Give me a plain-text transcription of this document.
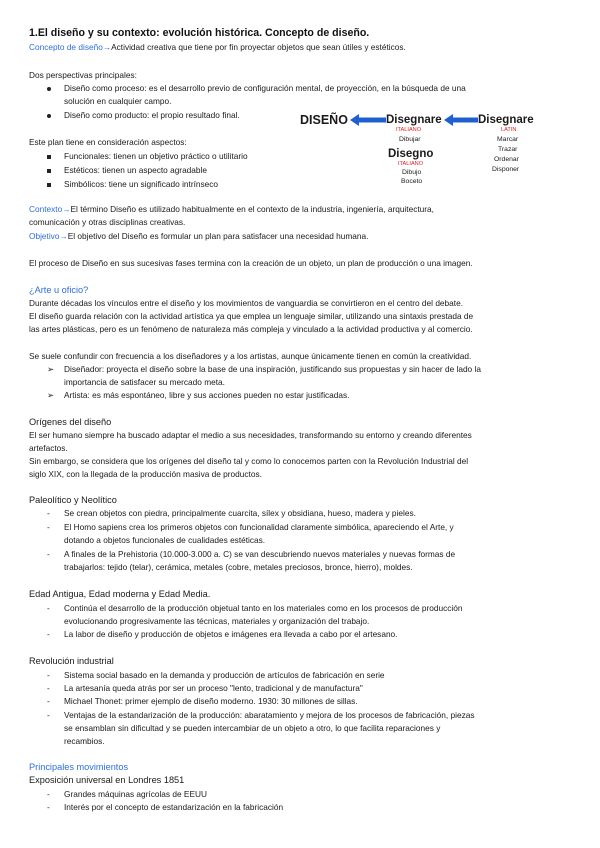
1.El diseño y su contexto: evolución histórica. Concepto de diseño.
Concepto de diseño→Actividad creativa que tiene por fin proyectar objetos que sean útiles y estéticos.
Dos perspectivas principales:
Diseño como proceso: es el desarrollo previo de configuración mental, de proyección, en la búsqueda de una
solución en cualquier campo.
Diseño como producto: el propio resultado final.
Este plan tiene en consideración aspectos:
Funcionales: tienen un objetivo práctico o utilitario
Estéticos: tienen un aspecto agradable
Simbólicos: tiene un significado intrínseco
DISEÑO	Disegnare
ITALIANO
Dibujar
Disegno
ITALIANO
Dibujo
Boceto
Disegnare
LATIN
Marcar
Trazar
Ordenar
Disponer
Contexto→El término Diseño es utilizado habitualmente en el contexto de la industria, ingeniería, arquitectura,
comunicación y otras disciplinas creativas.
Objetivo→El objetivo del Diseño es formular un plan para satisfacer una necesidad humana.
El proceso de Diseño en sus sucesivas fases termina con la creación de un objeto, un plan de producción o una imagen.
¿Arte u oficio?
Durante décadas los vínculos entre el diseño y los movimientos de vanguardia se convirtieron en el centro del debate.
El diseño guarda relación con la actividad artística ya que emplea un lenguaje similar, utilizando una sintaxis prestada de
las artes plásticas, pero es un fenómeno de naturaleza más compleja y vinculado a la actividad productiva y al comercio.
Se suele confundir con frecuencia a los diseñadores y a los artistas, aunque únicamente tienen en común la creatividad.
➢ Diseñador: proyecta el diseño sobre la base de una inspiración, justificando sus propuestas y sin hacer de lado la
importancia de satisfacer su mercado meta.
➢ Artista: es más espontáneo, libre y sus acciones pueden no estar justificadas.
Orígenes del diseño
El ser humano siempre ha buscado adaptar el medio a sus necesidades, transformando su entorno y creando diferentes
artefactos.
Sin embargo, se considera que los orígenes del diseño tal y como lo conocemos parten con la Revolución Industrial del
siglo XIX, con la llegada de la producción masiva de productos.
Paleolítico y Neolítico
- Se crean objetos con piedra, principalmente cuarcita, sílex y obsidiana, hueso, madera y pieles.
- El Homo sapiens crea los primeros objetos con funcionalidad claramente simbólica, apareciendo el Arte, y
dotando a objetos funcionales de cualidades estéticas.
- A finales de la Prehistoria (10.000-3.000 a. C) se van descubriendo nuevos materiales y nuevas formas de
trabajarlos: tejido (telar), cerámica, metales (cobre, metales preciosos, bronce, hierro), moldes.
Edad Antigua, Edad moderna y Edad Media.
- Continúa el desarrollo de la producción objetual tanto en los materiales como en los procesos de producción
evolucionando progresivamente las técnicas, materiales y organización del trabajo.
- La labor de diseño y producción de objetos e imágenes era llevada a cabo por el artesano.
Revolución industrial
- Sistema social basado en la demanda y producción de artículos de fabricación en serie
- La artesanía queda atrás por ser un proceso "lento, tradicional y de manufactura"
- Michael Thonet: primer ejemplo de diseño moderno. 1930: 30 millones de sillas.
- Ventajas de la estandarización de la producción: abaratamiento y mejora de los procesos de fabricación, piezas
se ensamblan sin dificultad y se pueden intercambiar de un objeto a otro, lo que facilita reparaciones y
recambios.
Principales movimientos
Exposición universal en Londres 1851
- Grandes máquinas agrícolas de EEUU
- Interés por el concepto de estandarización en la fabricación
